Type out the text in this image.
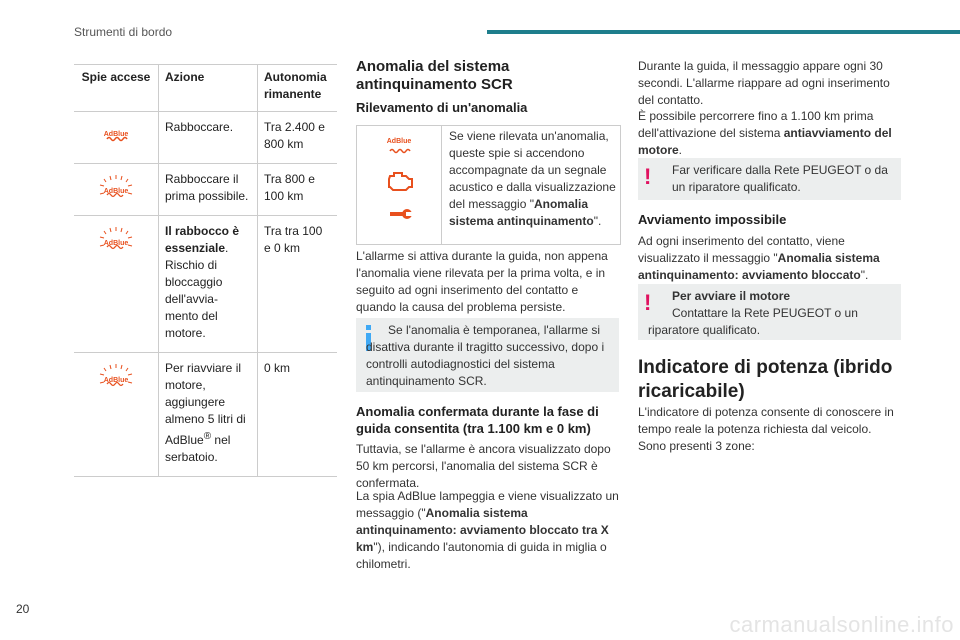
Strumenti di bordo
Spie accese	Azione	Autonomia rimanente

AdBlue	Rabboccare.	Tra 2.400 e 800 km

AdBlue	Rabboccare il prima possibile.	Tra 800 e 100 km

AdBlue	Il rabbocco è essenziale. Rischio di bloccaggio dell'avvia-mento del motore.	Tra tra 100 e 0 km

AdBlue	Per riavviare il motore, aggiungere almeno 5 litri di AdBlue® nel serbatoio.	0 km
Anomalia del sistema antinquinamento SCR
Rilevamento di un'anomalia
AdBlue	Se viene rilevata un'anomalia, queste spie si accendono accompagnate da un segnale acustico e dalla visualizzazione del messaggio "Anomalia sistema antinquinamento".
L'allarme si attiva durante la guida, non appena l'anomalia viene rilevata per la prima volta, e in seguito ad ogni inserimento del contatto e quando la causa del problema persiste.
Se l'anomalia è temporanea, l'allarme si disattiva durante il tragitto successivo, dopo i controlli autodiagnostici del sistema antinquinamento SCR.
Anomalia confermata durante la fase di guida consentita (tra 1.100 km e 0 km)
Tuttavia, se l'allarme è ancora visualizzato dopo 50 km percorsi, l'anomalia del sistema SCR è confermata.
La spia AdBlue lampeggia e viene visualizzato un messaggio ("Anomalia sistema antinquinamento: avviamento bloccato tra X km"), indicando l'autonomia di guida in miglia o chilometri.
Durante la guida, il messaggio appare ogni 30 secondi. L'allarme riappare ad ogni inserimento del contatto.
È possibile percorrere fino a 1.100 km prima dell'attivazione del sistema antiavviamento del motore.
! Far verificare dalla Rete PEUGEOT o da un riparatore qualificato.
Avviamento impossibile
Ad ogni inserimento del contatto, viene visualizzato il messaggio "Anomalia sistema antinquinamento: avviamento bloccato".
!	Per avviare il motore
Contattare la Rete PEUGEOT o un riparatore qualificato.
Indicatore di potenza (ibrido ricaricabile)
L'indicatore di potenza consente di conoscere in tempo reale la potenza richiesta dal veicolo.
Sono presenti 3 zone:
20
carmanualsonline.info
